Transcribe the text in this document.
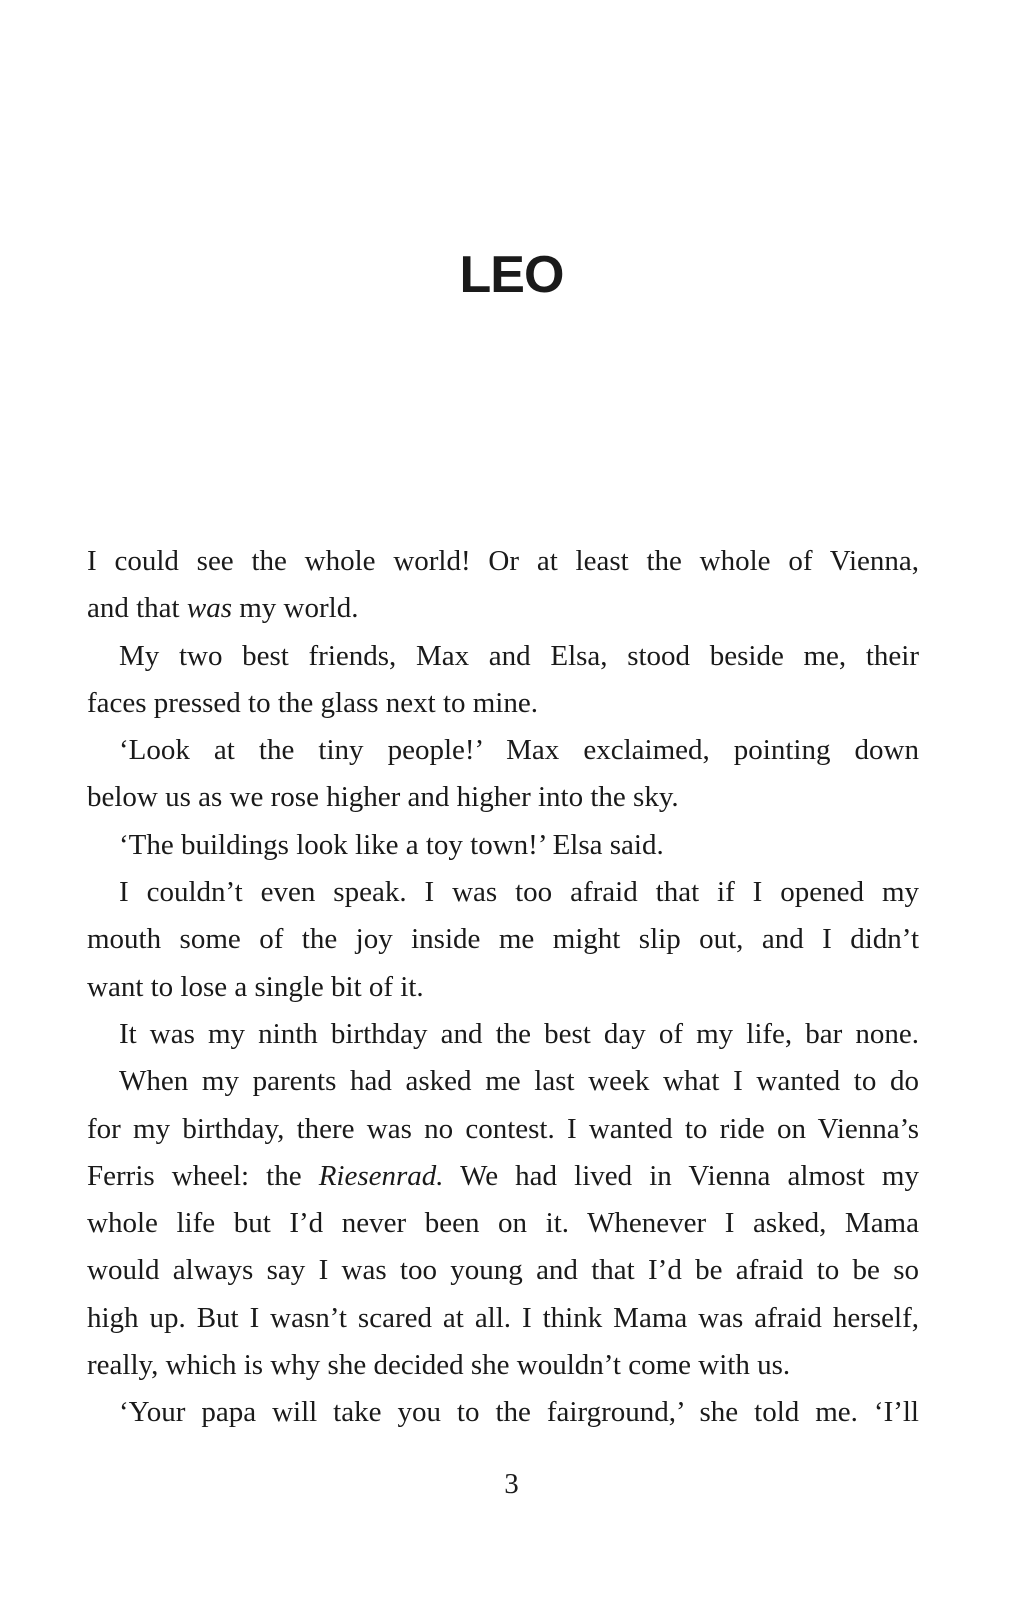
LEO
I could see the whole world! Or at least the whole of Vienna,
and that was my world.
My two best friends, Max and Elsa, stood beside me, their
faces pressed to the glass next to mine.
‘Look at the tiny people!’ Max exclaimed, pointing down
below us as we rose higher and higher into the sky.
‘The buildings look like a toy town!’ Elsa said.
I couldn’t even speak. I was too afraid that if I opened my
mouth some of the joy inside me might slip out, and I didn’t
want to lose a single bit of it.
It was my ninth birthday and the best day of my life, bar none.
When my parents had asked me last week what I wanted to do
for my birthday, there was no contest. I wanted to ride on Vienna’s
Ferris wheel: the Riesenrad. We had lived in Vienna almost my
whole life but I’d never been on it. Whenever I asked, Mama
would always say I was too young and that I’d be afraid to be so
high up. But I wasn’t scared at all. I think Mama was afraid herself,
really, which is why she decided she wouldn’t come with us.
‘Your papa will take you to the fairground,’ she told me. ‘I’ll
3
